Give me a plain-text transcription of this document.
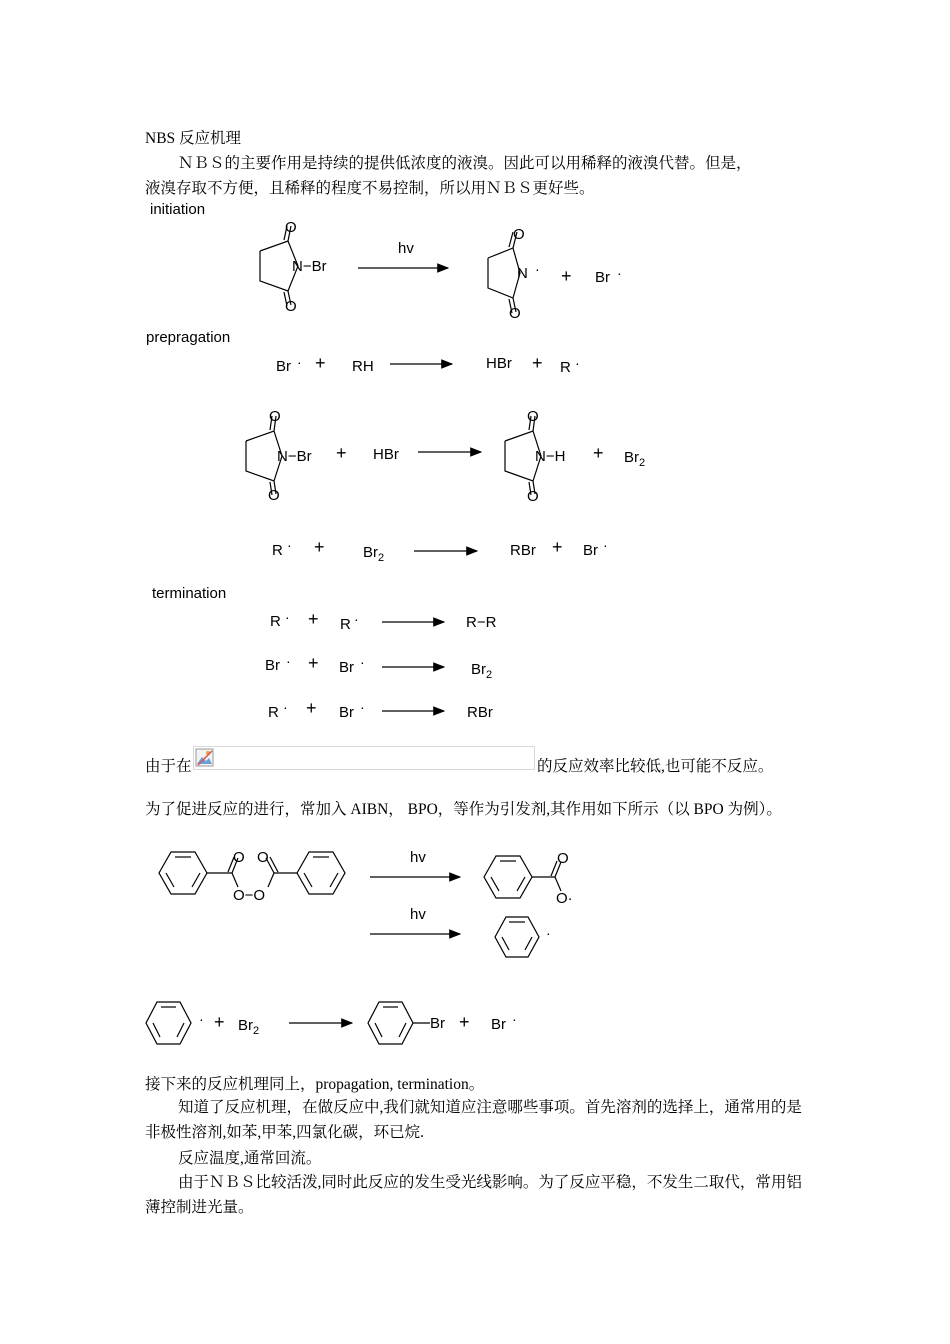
NBS 反应机理
ＮＢＳ的主要作用是持续的提供低浓度的液溴。因此可以用稀释的液溴代替。但是，
液溴存取不方便，且稀释的程度不易控制，所以用ＮＢＳ更好些。
initiation
prepragation
termination
O
O
N−Br
hv
O
O
N · + Br ·
Br · + RH	HBr + R ·
O
O
N−Br + HBr
O
O
$N-H + Br_2$
R · +	$Br_2$	RBr + Br ·
R · + R ·	R−R
Br · + Br ·	$Br_2$
R · + Br ·	RBr
由于在	的反应效率比较低,也可能不反应。
为了促进反应的进行，常加入 AIBN， BPO，等作为引发剂,其作用如下所示（以 BPO 为例）。
O O
O−O
hv
hv
O
O·
·
· + $Br_2$	Br + Br ·
接下来的反应机理同上，propagation, termination。
知道了反应机理，在做反应中,我们就知道应注意哪些事项。首先溶剂的选择上，通常用的是非极性溶剂,如苯,甲苯,四氯化碳，环已烷.
反应温度,通常回流。
由于ＮＢＳ比较活泼,同时此反应的发生受光线影响。为了反应平稳，不发生二取代，常用铝薄控制进光量。
